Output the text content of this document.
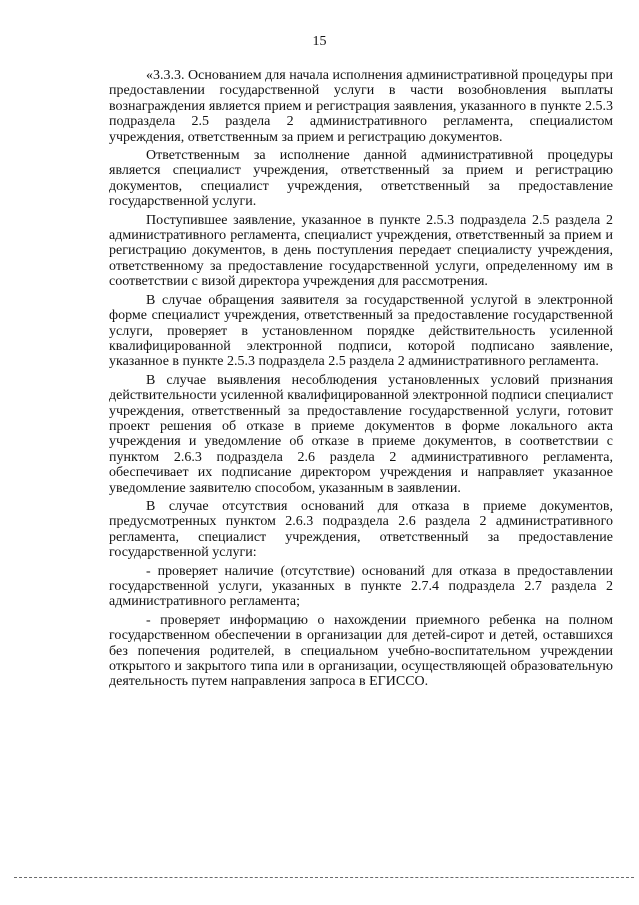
15

«3.3.3. Основанием для начала исполнения административной процедуры при предоставлении государственной услуги в части возобновления выплаты вознаграждения является прием и регистрация заявления, указанного в пункте 2.5.3 подраздела 2.5 раздела 2 административного регламента, специалистом учреждения, ответственным за прием и регистрацию документов.

Ответственным за исполнение данной административной процедуры является специалист учреждения, ответственный за прием и регистрацию документов, специалист учреждения, ответственный за предоставление государственной услуги.

Поступившее заявление, указанное в пункте 2.5.3 подраздела 2.5 раздела 2 административного регламента, специалист учреждения, ответственный за прием и регистрацию документов, в день поступления передает специалисту учреждения, ответственному за предоставление государственной услуги, определенному им в соответствии с визой директора учреждения для рассмотрения.

В случае обращения заявителя за государственной услугой в электронной форме специалист учреждения, ответственный за предоставление государственной услуги, проверяет в установленном порядке действительность усиленной квалифицированной электронной подписи, которой подписано заявление, указанное в пункте 2.5.3 подраздела 2.5 раздела 2 административного регламента.

В случае выявления несоблюдения установленных условий признания действительности усиленной квалифицированной электронной подписи специалист учреждения, ответственный за предоставление государственной услуги, готовит проект решения об отказе в приеме документов в форме локального акта учреждения и уведомление об отказе в приеме документов, в соответствии с пунктом 2.6.3 подраздела 2.6 раздела 2 административного регламента, обеспечивает их подписание директором учреждения и направляет указанное уведомление заявителю способом, указанным в заявлении.

В случае отсутствия оснований для отказа в приеме документов, предусмотренных пунктом 2.6.3 подраздела 2.6 раздела 2 административного регламента, специалист учреждения, ответственный за предоставление государственной услуги:

- проверяет наличие (отсутствие) оснований для отказа в предоставлении государственной услуги, указанных в пункте 2.7.4 подраздела 2.7 раздела 2 административного регламента;

- проверяет информацию о нахождении приемного ребенка на полном государственном обеспечении в организации для детей-сирот и детей, оставшихся без попечения родителей, в специальном учебно-воспитательном учреждении открытого и закрытого типа или в организации, осуществляющей образовательную деятельность путем направления запроса в ЕГИССО.
